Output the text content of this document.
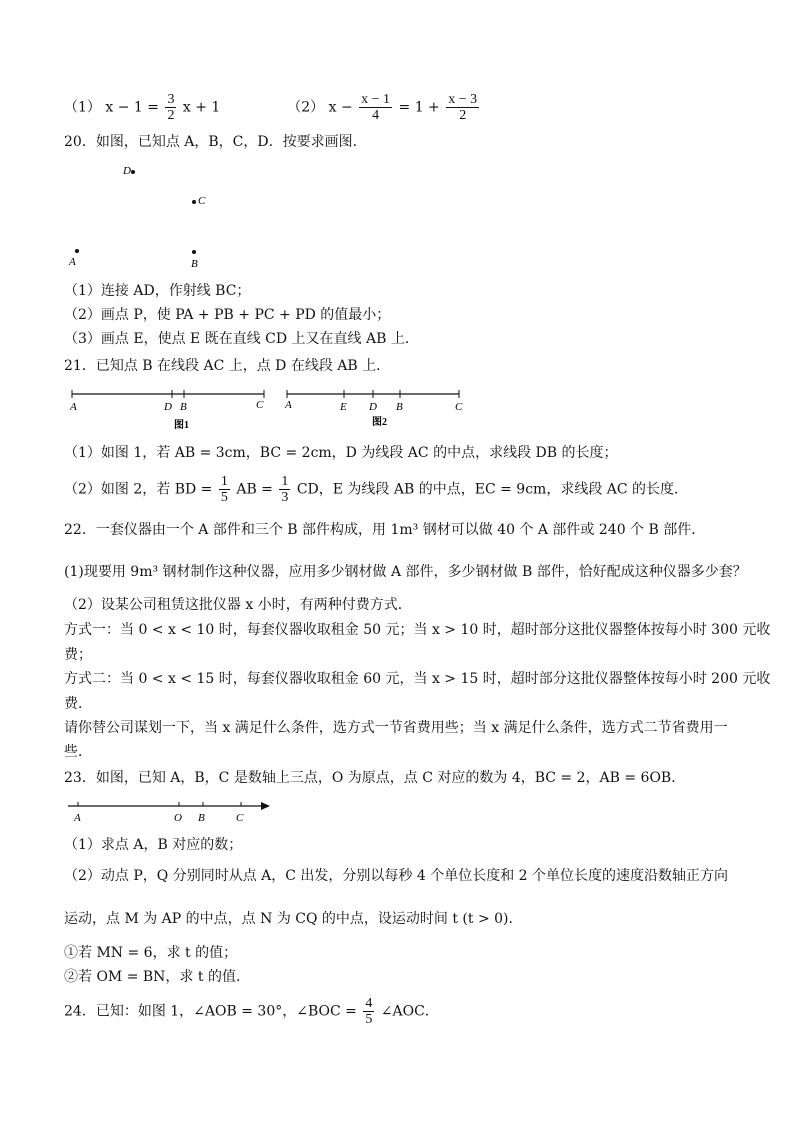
（1） $x - 1 = \frac{3}{2}$ x + 1	（2） $x - \frac{x - 1}{4} = 1 + \frac{x - 3}{2}$
20．如图，已知点 A，B，C，D．按要求画图．
D
C
A	B
（1）连接 AD，作射线 BC；
（2）画点 P，使 PA + PB + PC + PD 的值最小；
（3）画点 E，使点 E 既在直线 CD 上又在直线 AB 上．
21．已知点 B 在线段 AC 上，点 D 在线段 AB 上．
A	D B	C
图1
A	E D B	C
图2
（1）如图 1，若 AB = 3cm，BC = 2cm，D 为线段 AC 的中点，求线段 DB 的长度；
（2）如图 2，若 BD = $\frac{1}{5}$ AB = $\frac{1}{3}$ CD，E 为线段 AB 的中点，EC = 9cm，求线段 AC 的长度．
22．一套仪器由一个 A 部件和三个 B 部件构成，用 1m³ 钢材可以做 40 个 A 部件或 240 个 B 部件．
(1)现要用 9m³ 钢材制作这种仪器，应用多少钢材做 A 部件，多少钢材做 B 部件，恰好配成这种仪器多少套？
（2）设某公司租赁这批仪器 x 小时，有两种付费方式．
方式一：当 0 < x < 10 时，每套仪器收取租金 50 元；当 x > 10 时，超时部分这批仪器整体按每小时 300 元收
费；
方式二：当 0 < x < 15 时，每套仪器收取租金 60 元，当 x > 15 时，超时部分这批仪器整体按每小时 200 元收
费．
请你替公司谋划一下，当 x 满足什么条件，选方式一节省费用些；当 x 满足什么条件，选方式二节省费用一
些．
23．如图，已知 A，B，C 是数轴上三点，O 为原点，点 C 对应的数为 4，BC = 2，AB = 6OB．
A	O B	C
（1）求点 A，B 对应的数；
（2）动点 P，Q 分别同时从点 A，C 出发，分别以每秒 4 个单位长度和 2 个单位长度的速度沿数轴正方向
运动，点 M 为 AP 的中点，点 N 为 CQ 的中点，设运动时间 t (t > 0)．
①若 MN = 6，求 t 的值；
②若 OM = BN，求 t 的值．
24．已知：如图 1，∠AOB = 30°，∠BOC = $\frac{4}{5}$ ∠AOC．
